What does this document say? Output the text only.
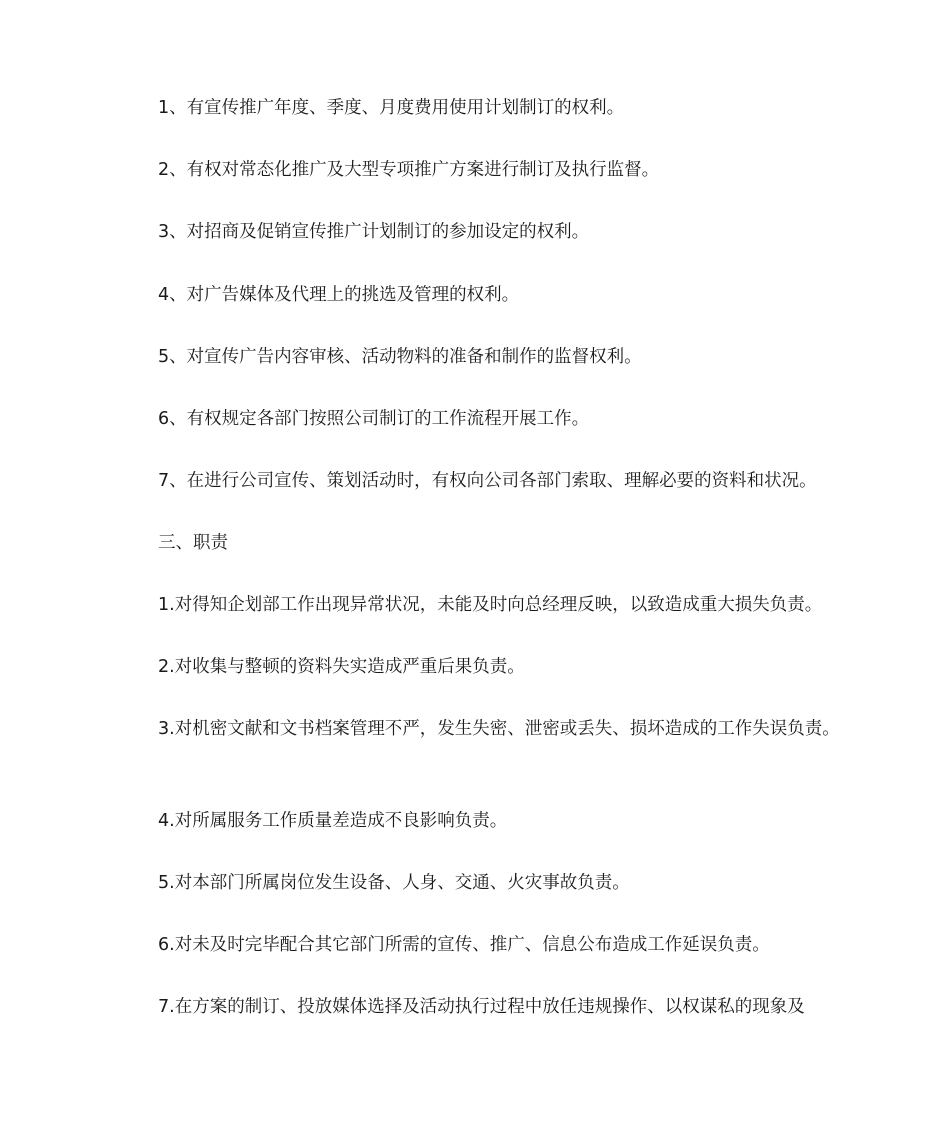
1、有宣传推广年度、季度、月度费用使用计划制订的权利。

2、有权对常态化推广及大型专项推广方案进行制订及执行监督。

3、对招商及促销宣传推广计划制订的参加设定的权利。

4、对广告媒体及代理上的挑选及管理的权利。

5、对宣传广告内容审核、活动物料的准备和制作的监督权利。

6、有权规定各部门按照公司制订的工作流程开展工作。

7、在进行公司宣传、策划活动时，有权向公司各部门索取、理解必要的资料和状况。

三、职责

1.对得知企划部工作出现异常状况，未能及时向总经理反映，以致造成重大损失负责。

2.对收集与整顿的资料失实造成严重后果负责。

3.对机密文献和文书档案管理不严，发生失密、泄密或丢失、损坏造成的工作失误负责。

4.对所属服务工作质量差造成不良影响负责。

5.对本部门所属岗位发生设备、人身、交通、火灾事故负责。

6.对未及时完毕配合其它部门所需的宣传、推广、信息公布造成工作延误负责。

7.在方案的制订、投放媒体选择及活动执行过程中放任违规操作、以权谋私的现象及
